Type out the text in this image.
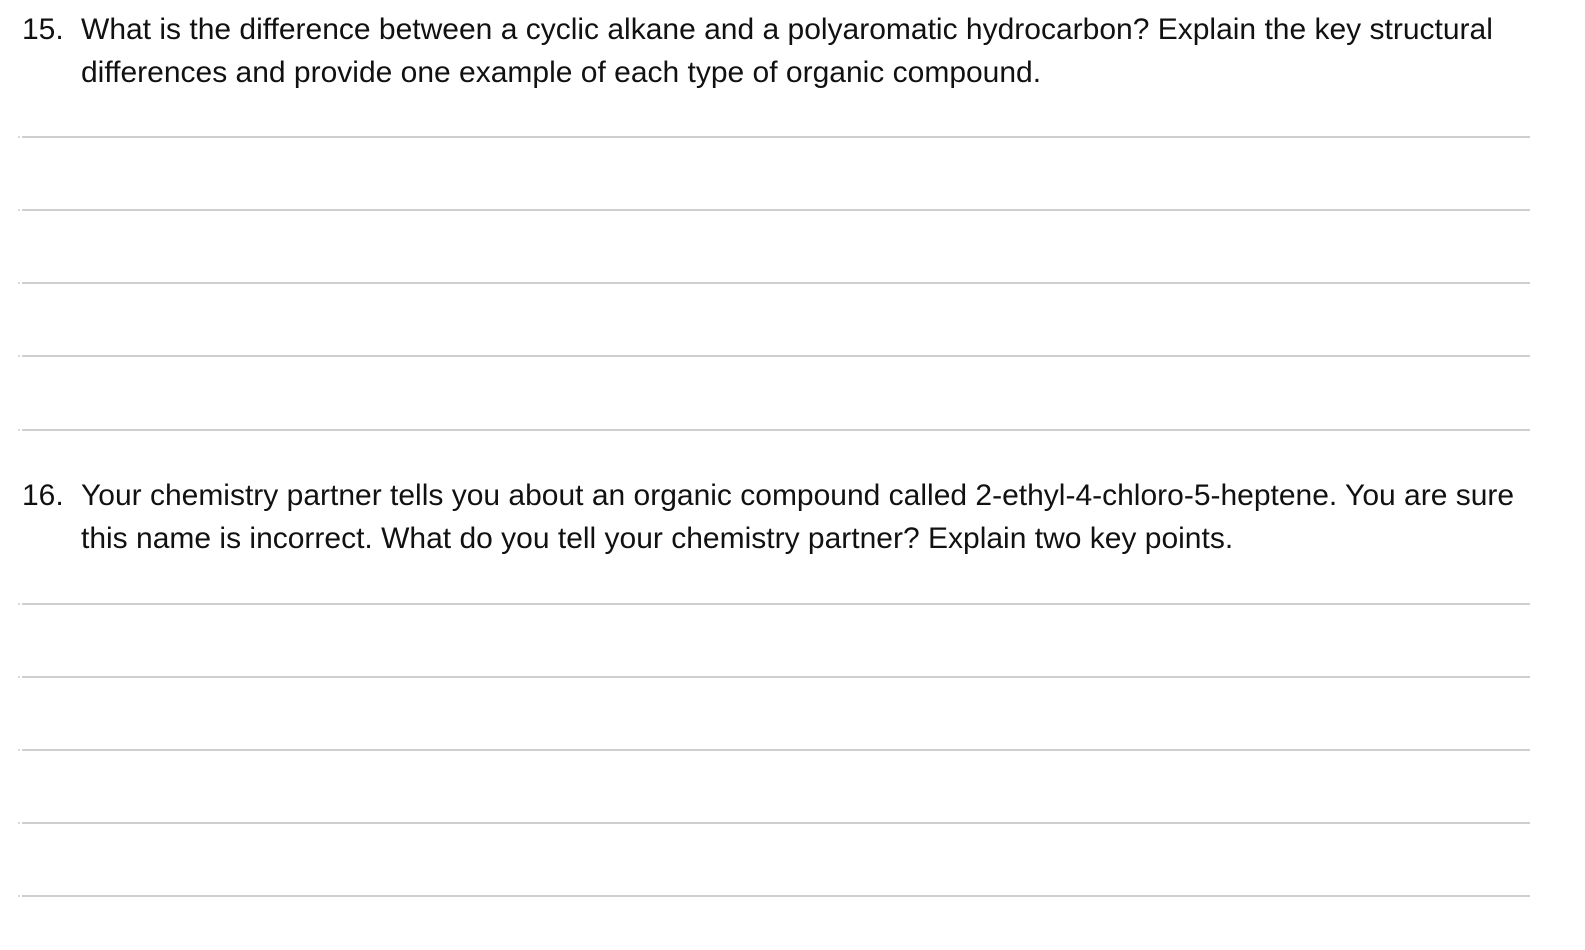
15. What is the difference between a cyclic alkane and a polyaromatic hydrocarbon? Explain the key structural differences and provide one example of each type of organic compound.
16. Your chemistry partner tells you about an organic compound called 2-ethyl-4-chloro-5-heptene. You are sure this name is incorrect. What do you tell your chemistry partner? Explain two key points.
